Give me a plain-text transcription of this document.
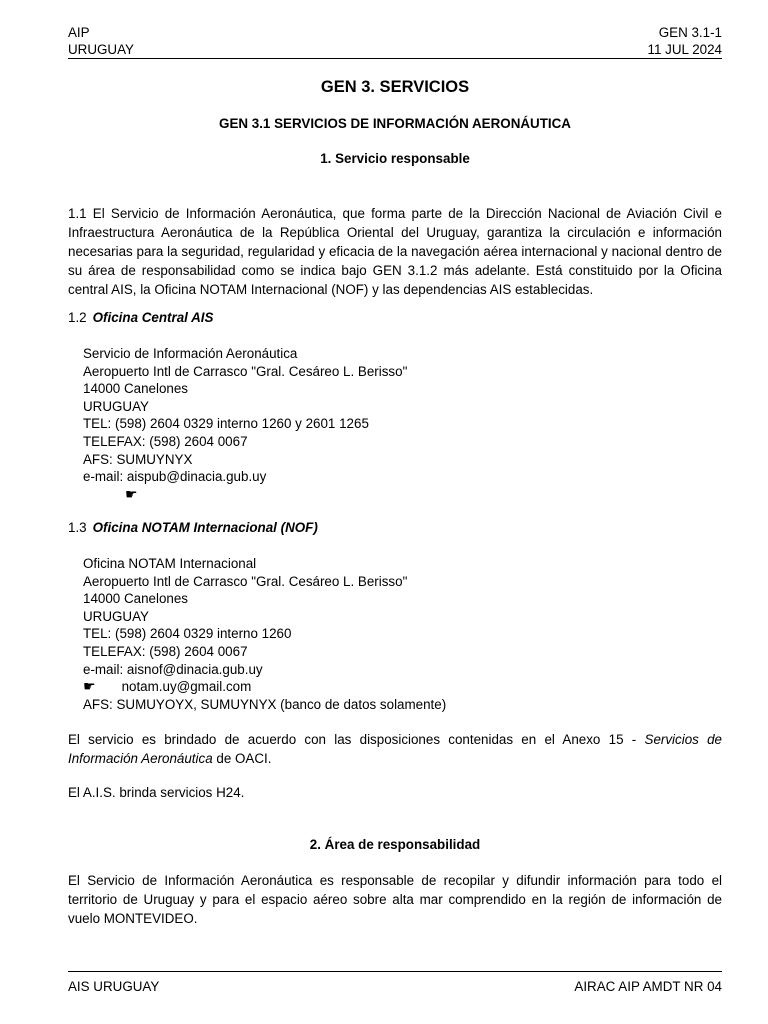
AIP
URUGUAY
GEN 3.1-1
11 JUL 2024
GEN 3. SERVICIOS
GEN 3.1 SERVICIOS DE INFORMACIÓN AERONÁUTICA
1. Servicio responsable

1.1 El Servicio de Información Aeronáutica, que forma parte de la Dirección Nacional de Aviación Civil e Infraestructura Aeronáutica de la República Oriental del Uruguay, garantiza la circulación e información necesarias para la seguridad, regularidad y eficacia de la navegación aérea internacional y nacional dentro de su área de responsabilidad como se indica bajo GEN 3.1.2 más adelante. Está constituido por la Oficina central AIS, la Oficina NOTAM Internacional (NOF) y las dependencias AIS establecidas.

1.2 Oficina Central AIS
Servicio de Información Aeronáutica
Aeropuerto Intl de Carrasco "Gral. Cesáreo L. Berisso"
14000 Canelones
URUGUAY
TEL: (598) 2604 0329 interno 1260 y 2601 1265
TELEFAX: (598) 2604 0067
AFS: SUMUYNYX
e-mail: aispub@dinacia.gub.uy
☛
1.3 Oficina NOTAM Internacional (NOF)
Oficina NOTAM Internacional
Aeropuerto Intl de Carrasco "Gral. Cesáreo L. Berisso"
14000 Canelones
URUGUAY
TEL: (598) 2604 0329 interno 1260
TELEFAX: (598) 2604 0067
e-mail: aisnof@dinacia.gub.uy
☛ notam.uy@gmail.com
AFS: SUMUYOYX, SUMUYNYX (banco de datos solamente)

El servicio es brindado de acuerdo con las disposiciones contenidas en el Anexo 15 - Servicios de Información Aeronáutica de OACI.

El A.I.S. brinda servicios H24.

2. Área de responsabilidad

El Servicio de Información Aeronáutica es responsable de recopilar y difundir información para todo el territorio de Uruguay y para el espacio aéreo sobre alta mar comprendido en la región de información de vuelo MONTEVIDEO.

AIS URUGUAY	AIRAC AIP AMDT NR 04
